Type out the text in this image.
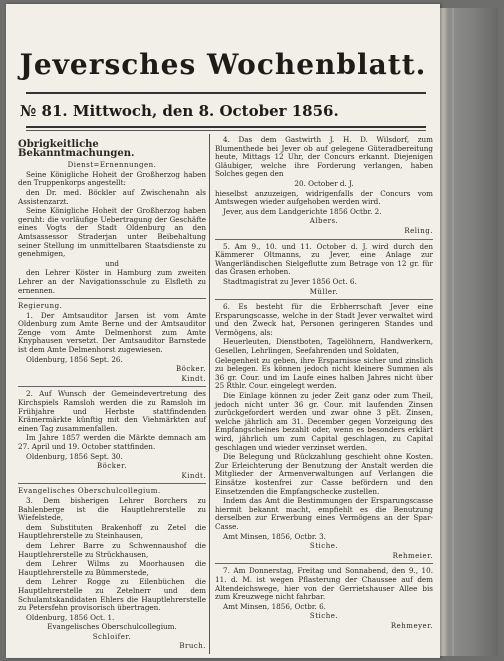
Jeversches Wochenblatt.
№ 81. Mittwoch, den 8. October 1856.

Obrigkeitliche Bekanntmachungen.

Dienst=Ernennungen.

Seine Königliche Hoheit der Großherzog haben den Truppenkorps angestellt:

den Dr. med. Böckler auf Zwischenahn als Assistenzarzt.

Seine Königliche Hoheit der Großherzog haben geruht: die vorläufige Uebertragung der Geschäfte eines Vogts der Stadt Oldenburg an den Amtsassessor Straderjan unter Beibehaltung seiner Stellung im unmittelbaren Staatsdienste zu genehmigen,

und

den Lehrer Köster in Hamburg zum zweiten Lehrer an der Navigationsschule zu Elsfleth zu ernennen.

Regierung.

1. Der Amtsauditor Jarsen ist vom Amte Oldenburg zum Amte Berne und der Amtsauditor Zenge vom Amte Delmenhorst zum Amte Knyphausen versetzt. Der Amtsauditor Barnstede ist dem Amte Delmenhorst zugewiesen.

Oldenburg, 1856 Sept. 26.

Böcker.

Kindt.

2. Auf Wunsch der Gemeindevertretung des Kirchspiels Ramsloh werden die zu Ramsloh im Frühjahre und Herbste stattfindenden Krämermärkte künftig mit den Viehmärkten auf einen Tag zusammenfallen.

Im Jahre 1857 werden die Märkte demnach am 27. April und 19. October stattfinden.

Oldenburg, 1856 Sept. 30.

Böcker.

Kindt.

Evangelisches Oberschulcollegium.

3. Dem bisherigen Lehrer Borchers zu Bahlenberge ist die Hauptlehrerstelle zu Wiefelstede,

dem Substituten Brakenhoff zu Zetel die Hauptlehrerstelle zu Steinhausen,

dem Lehrer Barre zu Schwennaushof die Hauptlehrerstelle zu Strückhausen,

dem Lehrer Wilms zu Moorhausen die Hauptlehrerstelle zu Bümmerstede,

dem Lehrer Rogge zu Eilenbüchen die Hauptlehrerstelle zu Zetelnerr und dem Schulamtskandidaten Ehlers die Hauptlehrerstelle zu Petersfehn provisorisch übertragen.

Oldenburg, 1856 Oct. 1.

Evangelisches Oberschulcollegium.

Schloifer.

Bruch.

4. Das dem Gastwirth J. H. D. Wilsdorf, zum Blumenthede bei Jever ob auf gelegene Güteradbereitung heute, Mittags 12 Uhr, der Concurs erkannt. Diejenigen Gläubiger, welche ihre Forderung verlangen, haben Solches gegen den

20. October d. J.

hieselbst anzuzeigen, widrigenfalls der Concurs vom Amtswegen wieder aufgehoben werden wird.

Jever, aus dem Landgerichte 1856 Octbr. 2.

Albers.

Reling.

5. Am 9., 10. und 11. October d. J. wird durch den Kämmerer Oltmanns, zu Jever, eine Anlage zur Wangerländischen Sielgeflutte zum Betrage von 12 gr. für das Grasen erhoben.

Stadtmagistrat zu Jever 1856 Oct. 6.

Müller.

6. Es besteht für die Erbherrschaft Jever eine Ersparungscasse, welche in der Stadt Jever verwaltet wird und den Zweck hat, Personen geringeren Standes und Vermögens, als:

Heuerleuten, Dienstboten, Tagelöhnern, Handwerkern, Gesellen, Lehrlingen, Seefahrenden und Soldaten,

Gelegenheit zu geben, ihre Ersparnisse sicher und zinslich zu belegen. Es können jedoch nicht kleinere Summen als 36 gr. Cour. und im Laufe eines halben Jahres nicht über 25 Rthlr. Cour. eingelegt werden.

Die Einlage können zu jeder Zeit ganz oder zum Theil, jedoch nicht unter 36 gr. Cour. mit laufenden Zinsen zurückgefordert werden und zwar ohne 3 pEt. Zinsen, welche jährlich am 31. December gegen Vorzeigung des Empfangscheines bezahlt oder, wenn es besonders erklärt wird, jährlich um zum Capital geschlagen, zu Capital geschlagen und wieder verzinset werden.

Die Belegung und Rückzahlung geschieht ohne Kosten. Zur Erleichterung der Benutzung der Anstalt werden die Mitglieder der Armenverwaltungen auf Verlangen die Einsätze kostenfrei zur Casse befördern und den Einsetzenden die Empfangschecke zustellen.

Indem das Amt die Bestimmungen der Ersparungscasse hiermit bekannt macht, empfiehlt es die Benutzung derselben zur Erwerbung eines Vermögens an der Spar-Casse.

Amt Minsen, 1856, Octbr. 3.

Stiche.

Rehmeier.

7. Am Donnerstag, Freitag und Sonnabend, den 9., 10. 11. d. M. ist wegen Pflasterung der Chaussee auf dem Altendeichswege, hier von der Gerrietshauser Allee bis zum Kreuzwege nicht fahrbar.

Amt Minsen, 1856, Octbr. 6.

Stiche.

Rehmeyer.
